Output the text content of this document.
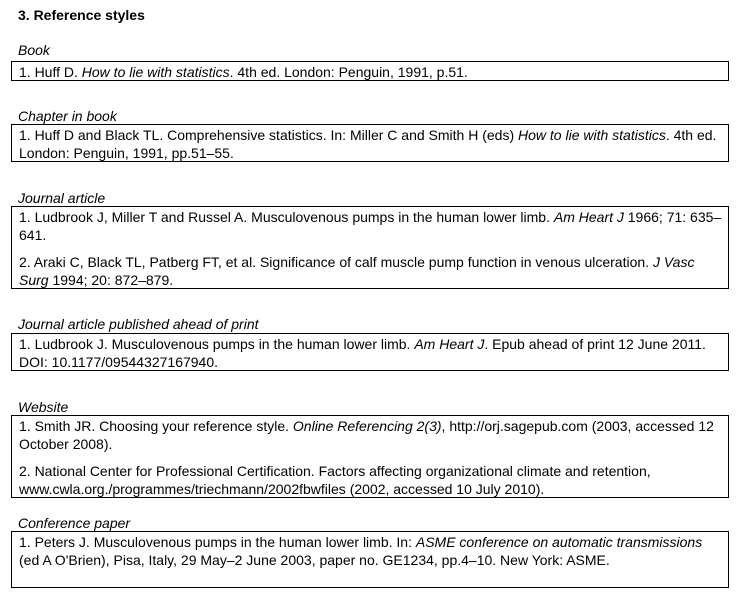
3. Reference styles
Book

1. Huff D. How to lie with statistics. 4th ed. London: Penguin, 1991, p.51.

Chapter in book

1. Huff D and Black TL. Comprehensive statistics. In: Miller C and Smith H (eds) How to lie with statistics. 4th ed. London: Penguin, 1991, pp.51–55.

Journal article

1. Ludbrook J, Miller T and Russel A. Musculovenous pumps in the human lower limb. Am Heart J 1966; 71: 635–641.

2. Araki C, Black TL, Patberg FT, et al. Significance of calf muscle pump function in venous ulceration. J Vasc Surg 1994; 20: 872–879.

Journal article published ahead of print

1. Ludbrook J. Musculovenous pumps in the human lower limb. Am Heart J. Epub ahead of print 12 June 2011. DOI: 10.1177/09544327167940.

Website

1. Smith JR. Choosing your reference style. Online Referencing 2(3), http://orj.sagepub.com (2003, accessed 12 October 2008).

2. National Center for Professional Certification. Factors affecting organizational climate and retention, www.cwla.org./programmes/triechmann/2002fbwfiles (2002, accessed 10 July 2010).

Conference paper

1. Peters J. Musculovenous pumps in the human lower limb. In: ASME conference on automatic transmissions (ed A O'Brien), Pisa, Italy, 29 May–2 June 2003, paper no. GE1234, pp.4–10. New York: ASME.
